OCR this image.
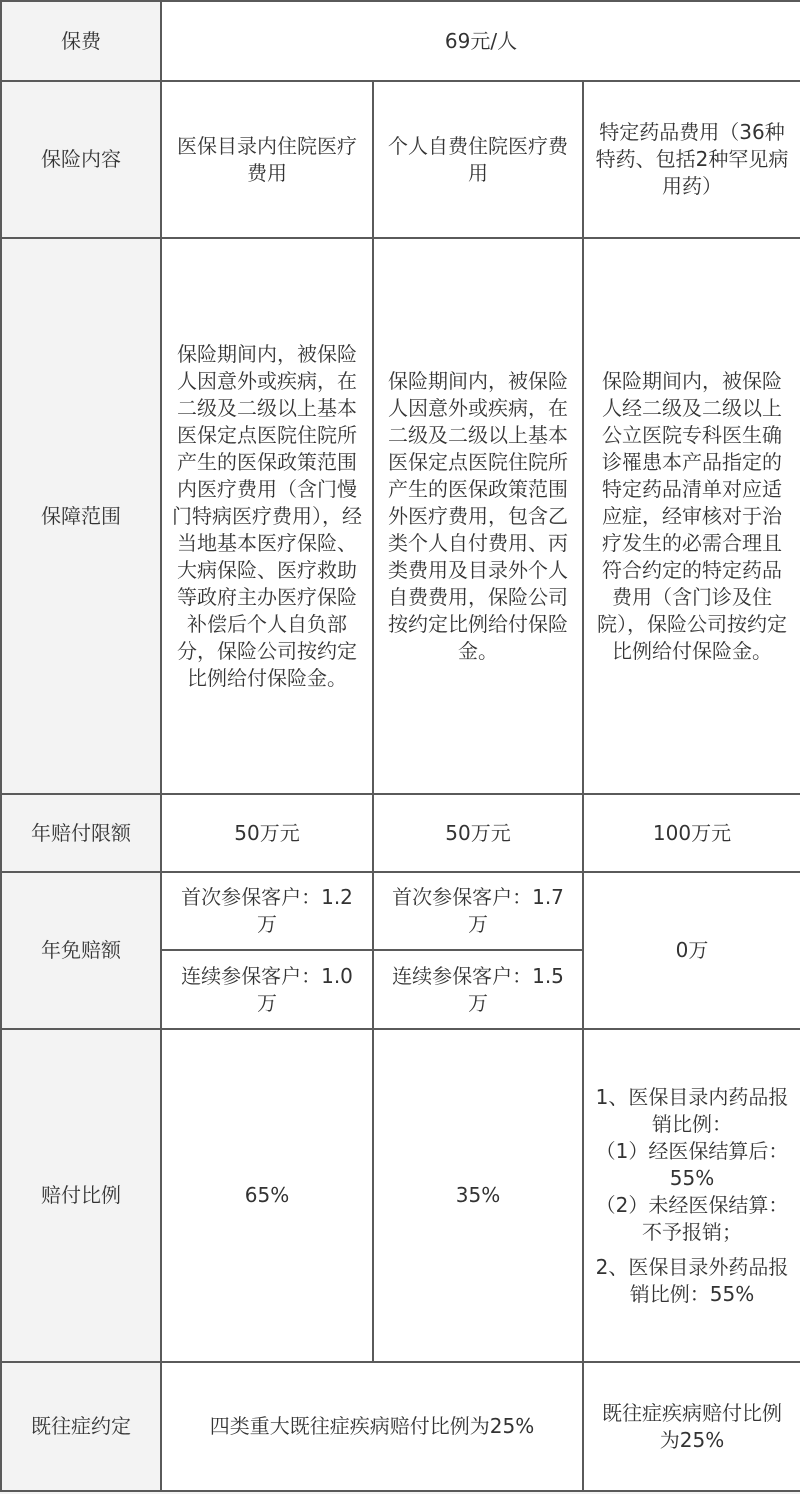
保费	69元/人		
保险内容	医保目录内住院医疗费用	个人自费住院医疗费用	特定药品费用（36种特药、包括2种罕见病用药）
保障范围	保险期间内，被保险人因意外或疾病，在二级及二级以上基本医保定点医院住院所产生的医保政策范围内医疗费用（含门慢门特病医疗费用），经当地基本医疗保险、大病保险、医疗救助等政府主办医疗保险补偿后个人自负部分，保险公司按约定比例给付保险金。	保险期间内，被保险人因意外或疾病，在二级及二级以上基本医保定点医院住院所产生的医保政策范围外医疗费用，包含乙类个人自付费用、丙类费用及目录外个人自费费用，保险公司按约定比例给付保险金。	保险期间内，被保险人经二级及二级以上公立医院专科医生确诊罹患本产品指定的特定药品清单对应适应症，经审核对于治疗发生的必需合理且符合约定的特定药品费用（含门诊及住院），保险公司按约定比例给付保险金。
年赔付限额	50万元	50万元	100万元
年免赔额	首次参保客户：1.2万	首次参保客户：1.7万	0万
	连续参保客户：1.0万	连续参保客户：1.5万	
赔付比例	65%	35%	1、医保目录内药品报销比例：
（1）经医保结算后：55%
（2）未经医保结算：不予报销；
2、医保目录外药品报销比例：55%

既往症约定	四类重大既往症疾病赔付比例为25%		既往症疾病赔付比例为25%
